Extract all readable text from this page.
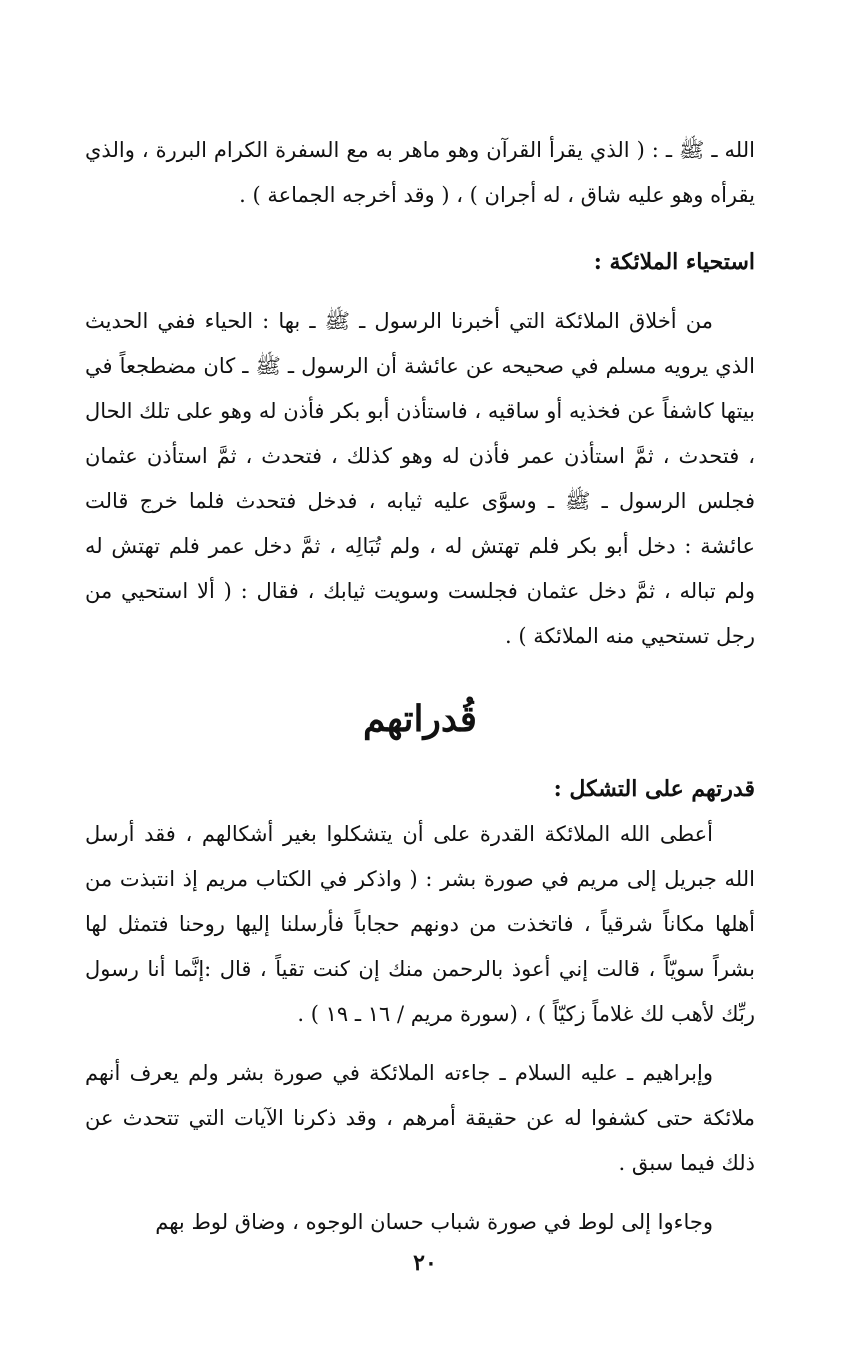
الله ـ ﷺ ـ : ( الذي يقرأ القرآن وهو ماهر به مع السفرة الكرام البررة ، والذي يقرأه وهو عليه شاق ، له أجران ) ، ( وقد أخرجه الجماعة ) .

استحياء الملائكة :

من أخلاق الملائكة التي أخبرنا الرسول ـ ﷺ ـ بها : الحياء ففي الحديث الذي يرويه مسلم في صحيحه عن عائشة أن الرسول ـ ﷺ ـ كان مضطجعاً في بيتها كاشفاً عن فخذيه أو ساقيه ، فاستأذن أبو بكر فأذن له وهو على تلك الحال ، فتحدث ، ثمَّ استأذن عمر فأذن له وهو كذلك ، فتحدث ، ثمَّ استأذن عثمان فجلس الرسول ـ ﷺ ـ وسوَّى عليه ثيابه ، فدخل فتحدث فلما خرج قالت عائشة : دخل أبو بكر فلم تهتش له ، ولم تُبَالِه ، ثمَّ دخل عمر فلم تهتش له ولم تباله ، ثمَّ دخل عثمان فجلست وسويت ثيابك ، فقال : ( ألا استحيي من رجل تستحيي منه الملائكة ) .

قُدراتهم

قدرتهم على التشكل :

أعطى الله الملائكة القدرة على أن يتشكلوا بغير أشكالهم ، فقد أرسل الله جبريل إلى مريم في صورة بشر : ( واذكر في الكتاب مريم إذ انتبذت من أهلها مكاناً شرقياً ، فاتخذت من دونهم حجاباً فأرسلنا إليها روحنا فتمثل لها بشراً سويّاً ، قالت إني أعوذ بالرحمن منك إن كنت تقياً ، قال :إنَّما أنا رسول ربِّك لأهب لك غلاماً زكيّاً ) ، (سورة مريم / ١٦ ـ ١٩ ) .

وإبراهيم ـ عليه السلام ـ جاءته الملائكة في صورة بشر ولم يعرف أنهم ملائكة حتى كشفوا له عن حقيقة أمرهم ، وقد ذكرنا الآيات التي تتحدث عن ذلك فيما سبق .

وجاءوا إلى لوط في صورة شباب حسان الوجوه ، وضاق لوط بهم

٢٠
